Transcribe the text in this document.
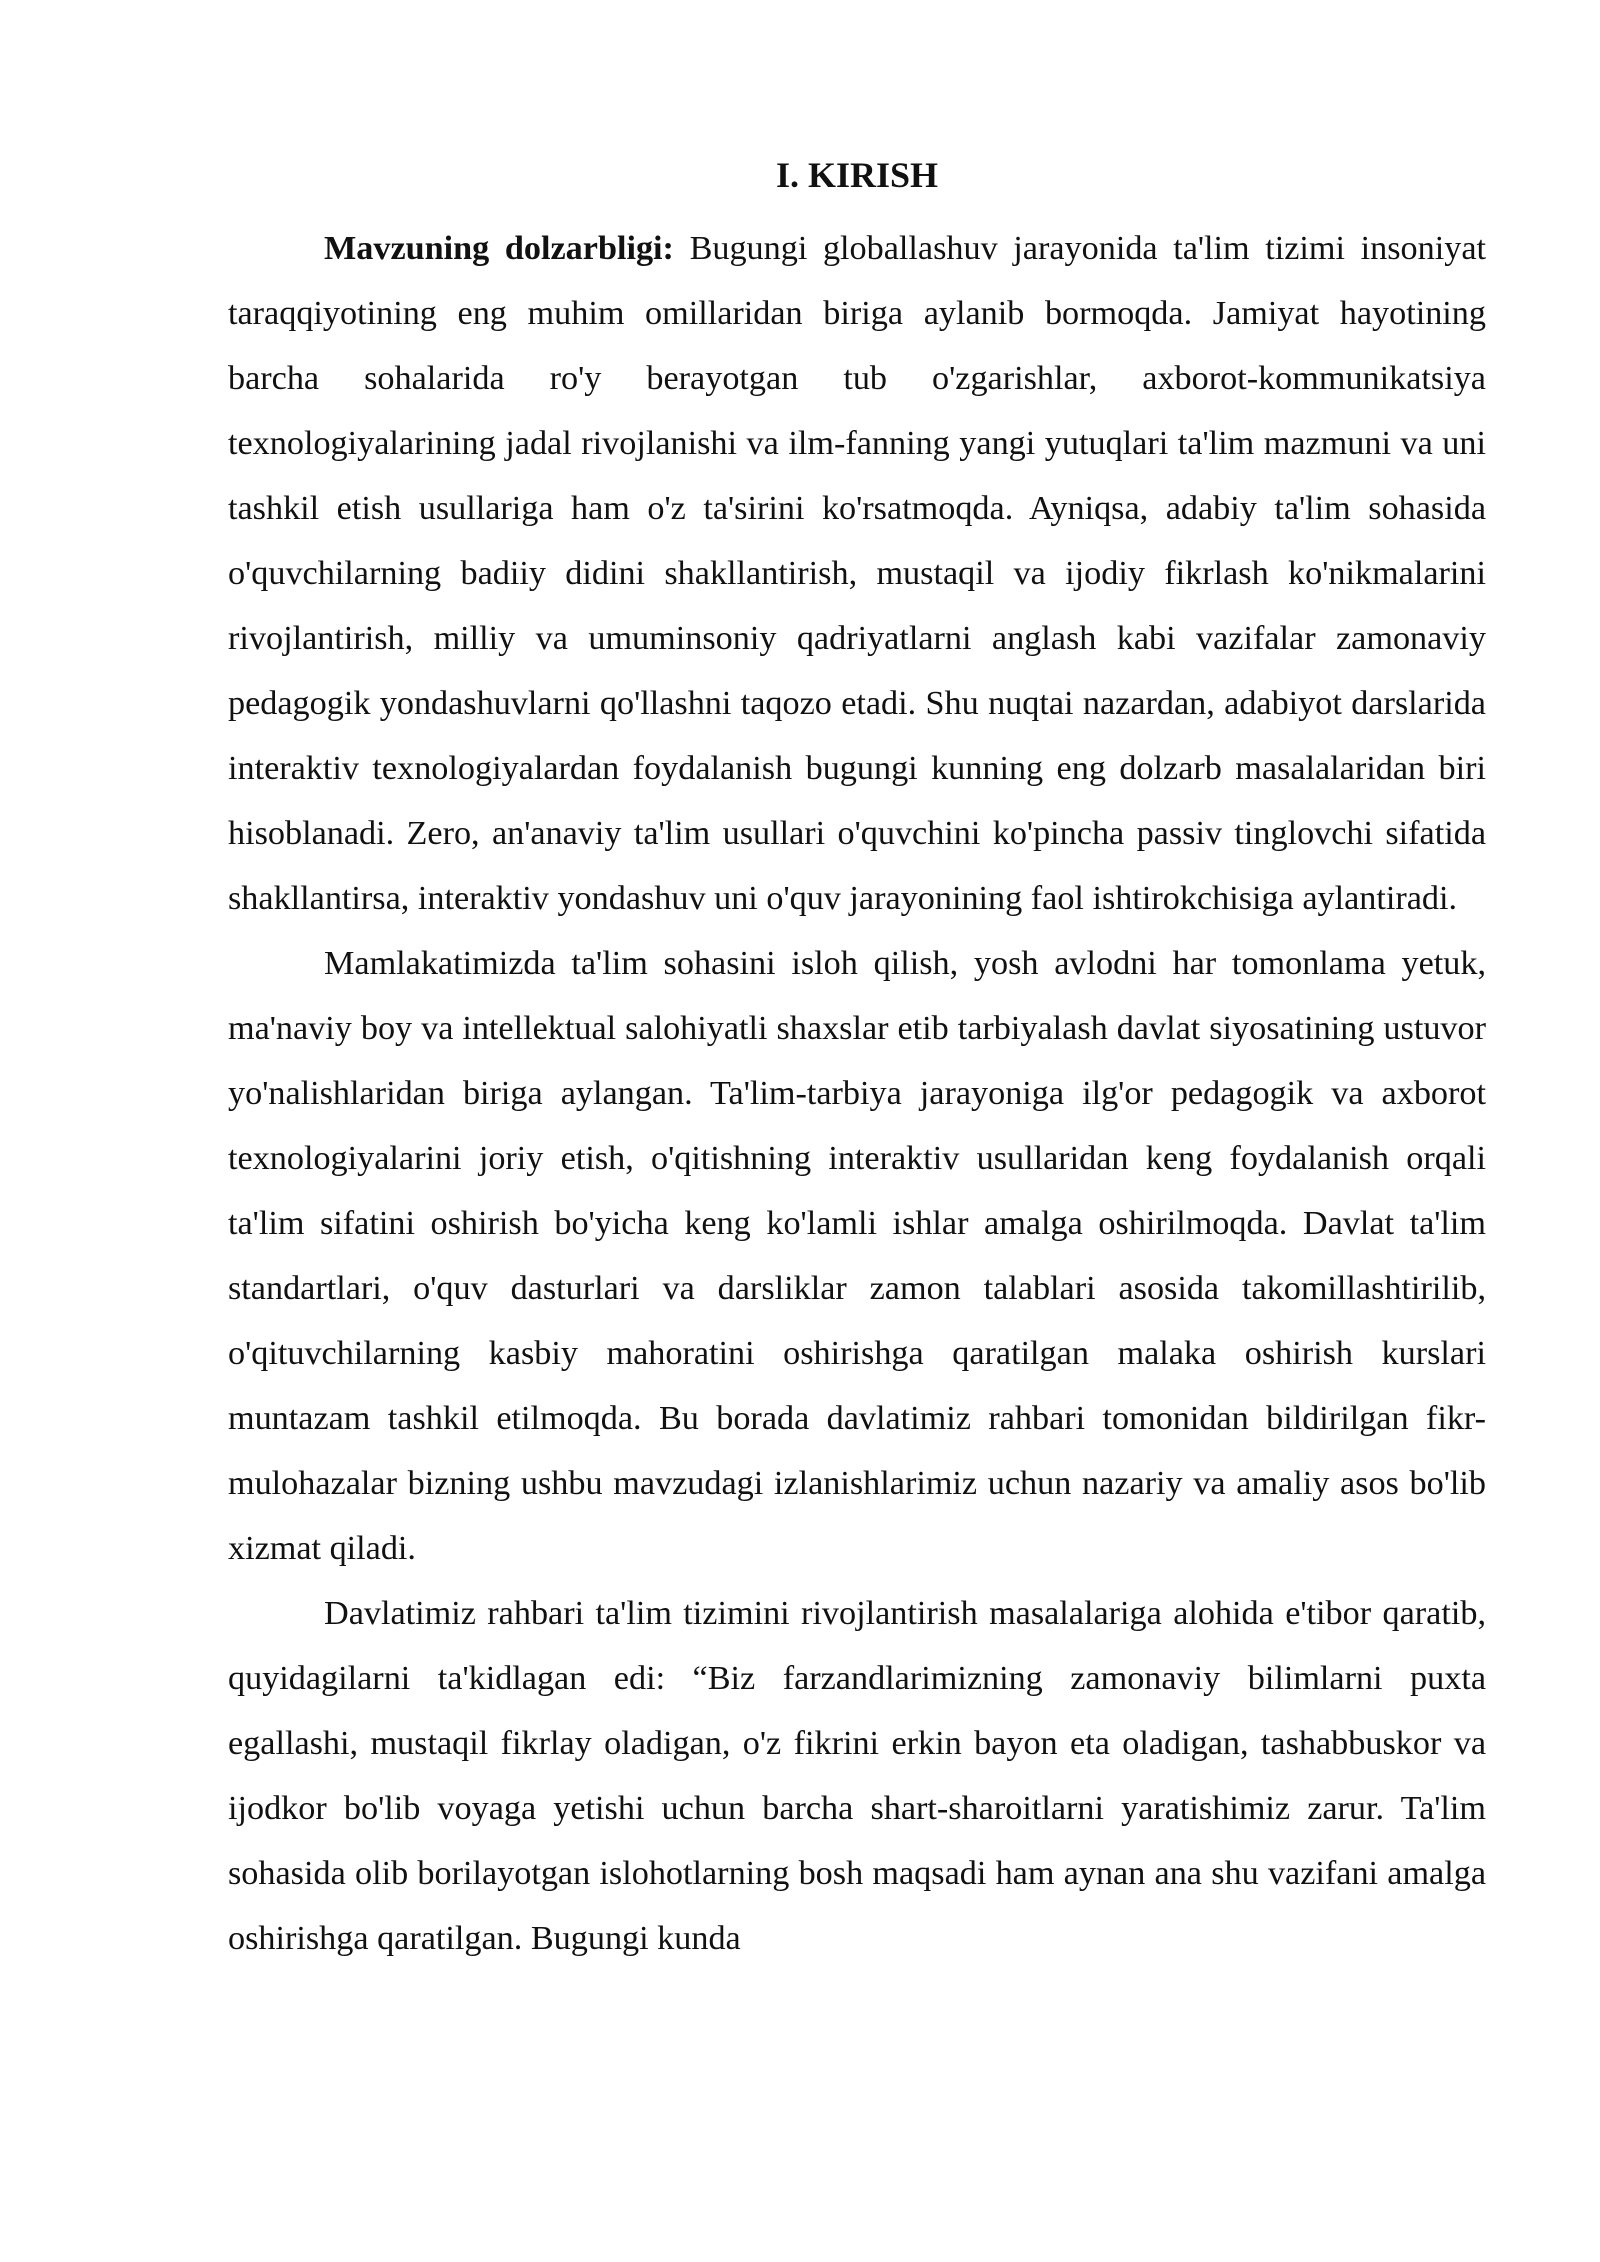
I. KIRISH

Mavzuning dolzarbligi: Bugungi globallashuv jarayonida ta'lim tizimi insoniyat taraqqiyotining eng muhim omillaridan biriga aylanib bormoqda. Jamiyat hayotining barcha sohalarida ro'y berayotgan tub o'zgarishlar, axborot-kommunikatsiya texnologiyalarining jadal rivojlanishi va ilm-fanning yangi yutuqlari ta'lim mazmuni va uni tashkil etish usullariga ham o'z ta'sirini ko'rsatmoqda. Ayniqsa, adabiy ta'lim sohasida o'quvchilarning badiiy didini shakllantirish, mustaqil va ijodiy fikrlash ko'nikmalarini rivojlantirish, milliy va umuminsoniy qadriyatlarni anglash kabi vazifalar zamonaviy pedagogik yondashuvlarni qo'llashni taqozo etadi. Shu nuqtai nazardan, adabiyot darslarida interaktiv texnologiyalardan foydalanish bugungi kunning eng dolzarb masalalaridan biri hisoblanadi. Zero, an'anaviy ta'lim usullari o'quvchini ko'pincha passiv tinglovchi sifatida shakllantirsa, interaktiv yondashuv uni o'quv jarayonining faol ishtirokchisiga aylantiradi.

Mamlakatimizda ta'lim sohasini isloh qilish, yosh avlodni har tomonlama yetuk, ma'naviy boy va intellektual salohiyatli shaxslar etib tarbiyalash davlat siyosatining ustuvor yo'nalishlaridan biriga aylangan. Ta'lim-tarbiya jarayoniga ilg'or pedagogik va axborot texnologiyalarini joriy etish, o'qitishning interaktiv usullaridan keng foydalanish orqali ta'lim sifatini oshirish bo'yicha keng ko'lamli ishlar amalga oshirilmoqda. Davlat ta'lim standartlari, o'quv dasturlari va darsliklar zamon talablari asosida takomillashtirilib, o'qituvchilarning kasbiy mahoratini oshirishga qaratilgan malaka oshirish kurslari muntazam tashkil etilmoqda. Bu borada davlatimiz rahbari tomonidan bildirilgan fikr-mulohazalar bizning ushbu mavzudagi izlanishlarimiz uchun nazariy va amaliy asos bo'lib xizmat qiladi.

Davlatimiz rahbari ta'lim tizimini rivojlantirish masalalariga alohida e'tibor qaratib, quyidagilarni ta'kidlagan edi: “Biz farzandlarimizning zamonaviy bilimlarni puxta egallashi, mustaqil fikrlay oladigan, o'z fikrini erkin bayon eta oladigan, tashabbuskor va ijodkor bo'lib voyaga yetishi uchun barcha shart-sharoitlarni yaratishimiz zarur. Ta'lim sohasida olib borilayotgan islohotlarning bosh maqsadi ham aynan ana shu vazifani amalga oshirishga qaratilgan. Bugungi kunda
